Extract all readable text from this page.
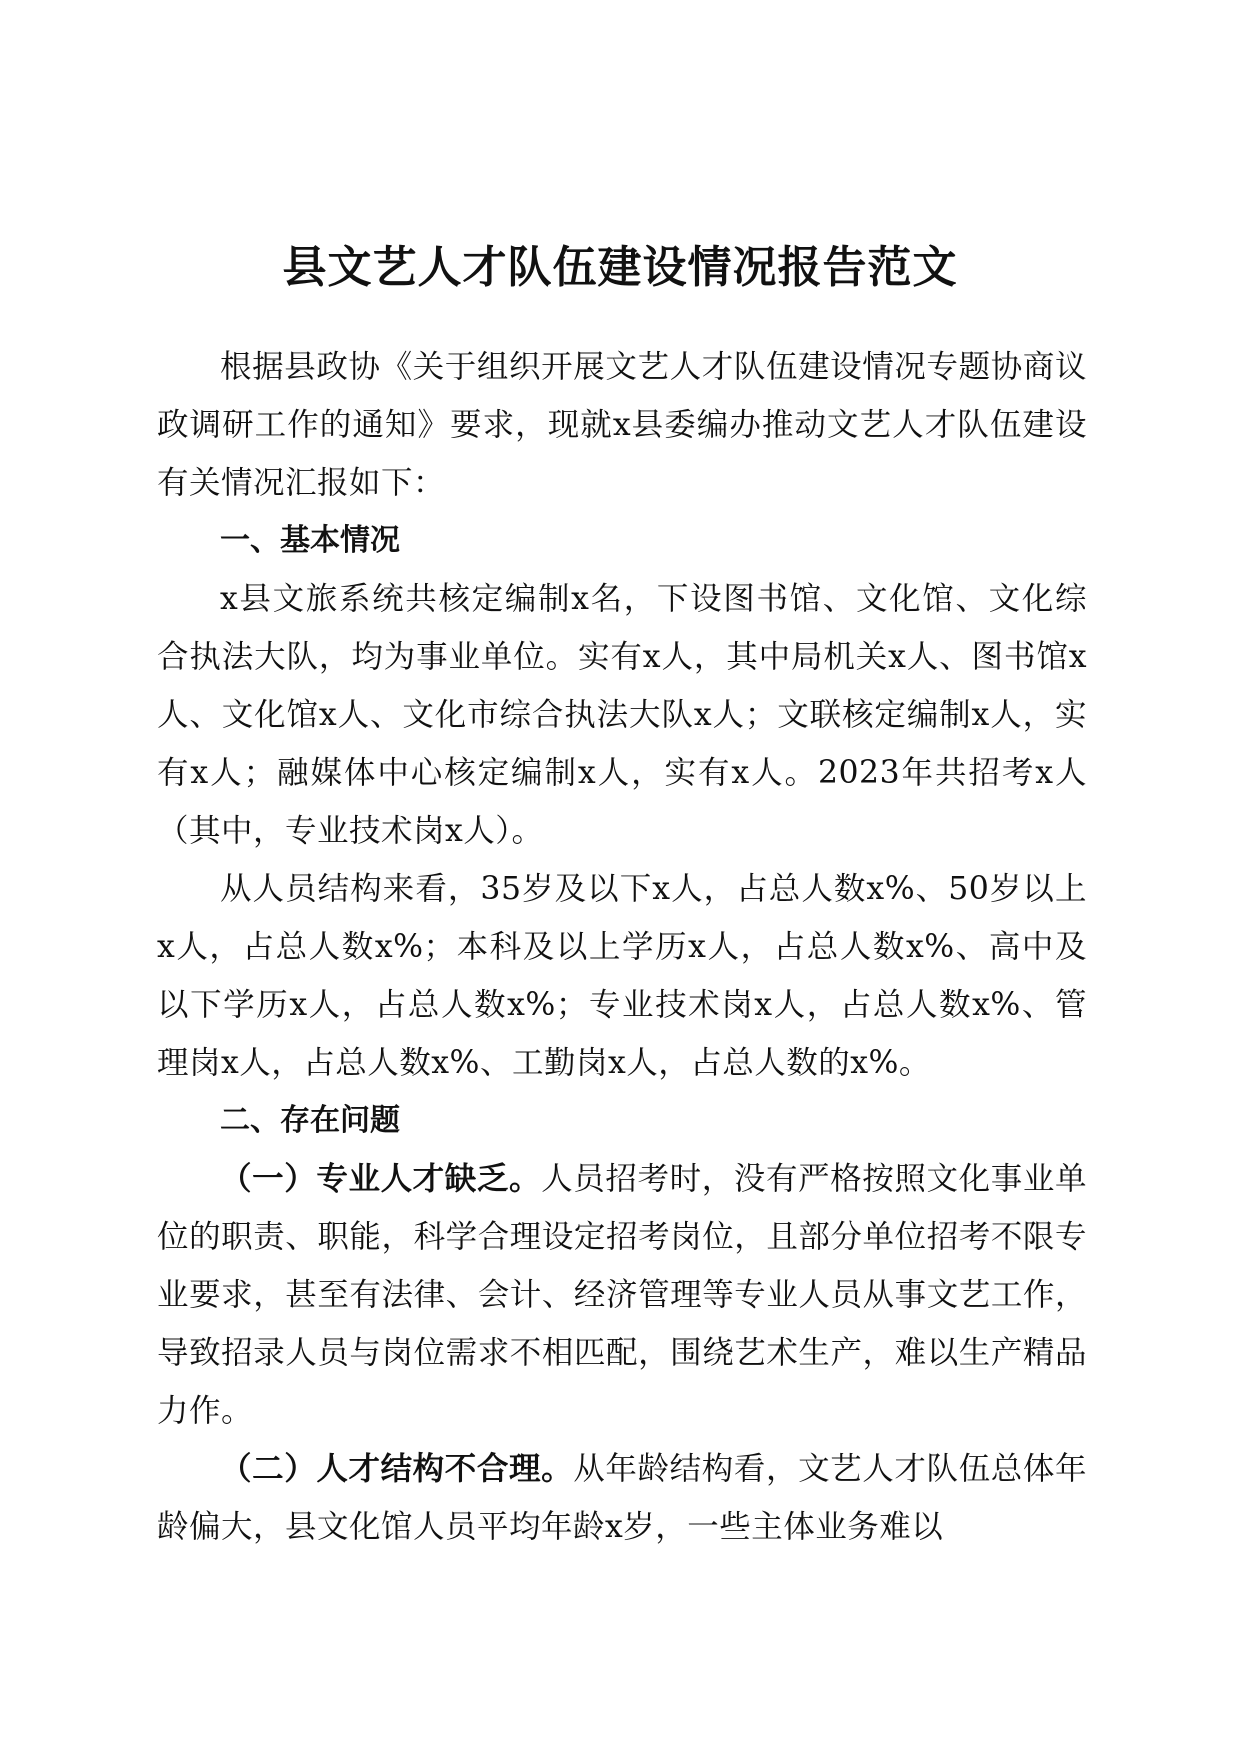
县文艺人才队伍建设情况报告范文

根据县政协《关于组织开展文艺人才队伍建设情况专题协商议政调研工作的通知》要求，现就x县委编办推动文艺人才队伍建设有关情况汇报如下：

一、基本情况

x县文旅系统共核定编制x名，下设图书馆、文化馆、文化综合执法大队，均为事业单位。实有x人，其中局机关x人、图书馆x人、文化馆x人、文化市综合执法大队x人；文联核定编制x人，实有x人；融媒体中心核定编制x人，实有x人。2023年共招考x人（其中，专业技术岗x人）。

从人员结构来看，35岁及以下x人，占总人数x%、50岁以上x人，占总人数x%；本科及以上学历x人，占总人数x%、高中及以下学历x人，占总人数x%；专业技术岗x人，占总人数x%、管理岗x人，占总人数x%、工勤岗x人，占总人数的x%。

二、存在问题

（一）专业人才缺乏。人员招考时，没有严格按照文化事业单位的职责、职能，科学合理设定招考岗位，且部分单位招考不限专业要求，甚至有法律、会计、经济管理等专业人员从事文艺工作，导致招录人员与岗位需求不相匹配，围绕艺术生产，难以生产精品力作。

（二）人才结构不合理。从年龄结构看，文艺人才队伍总体年龄偏大，县文化馆人员平均年龄x岁，一些主体业务难以
